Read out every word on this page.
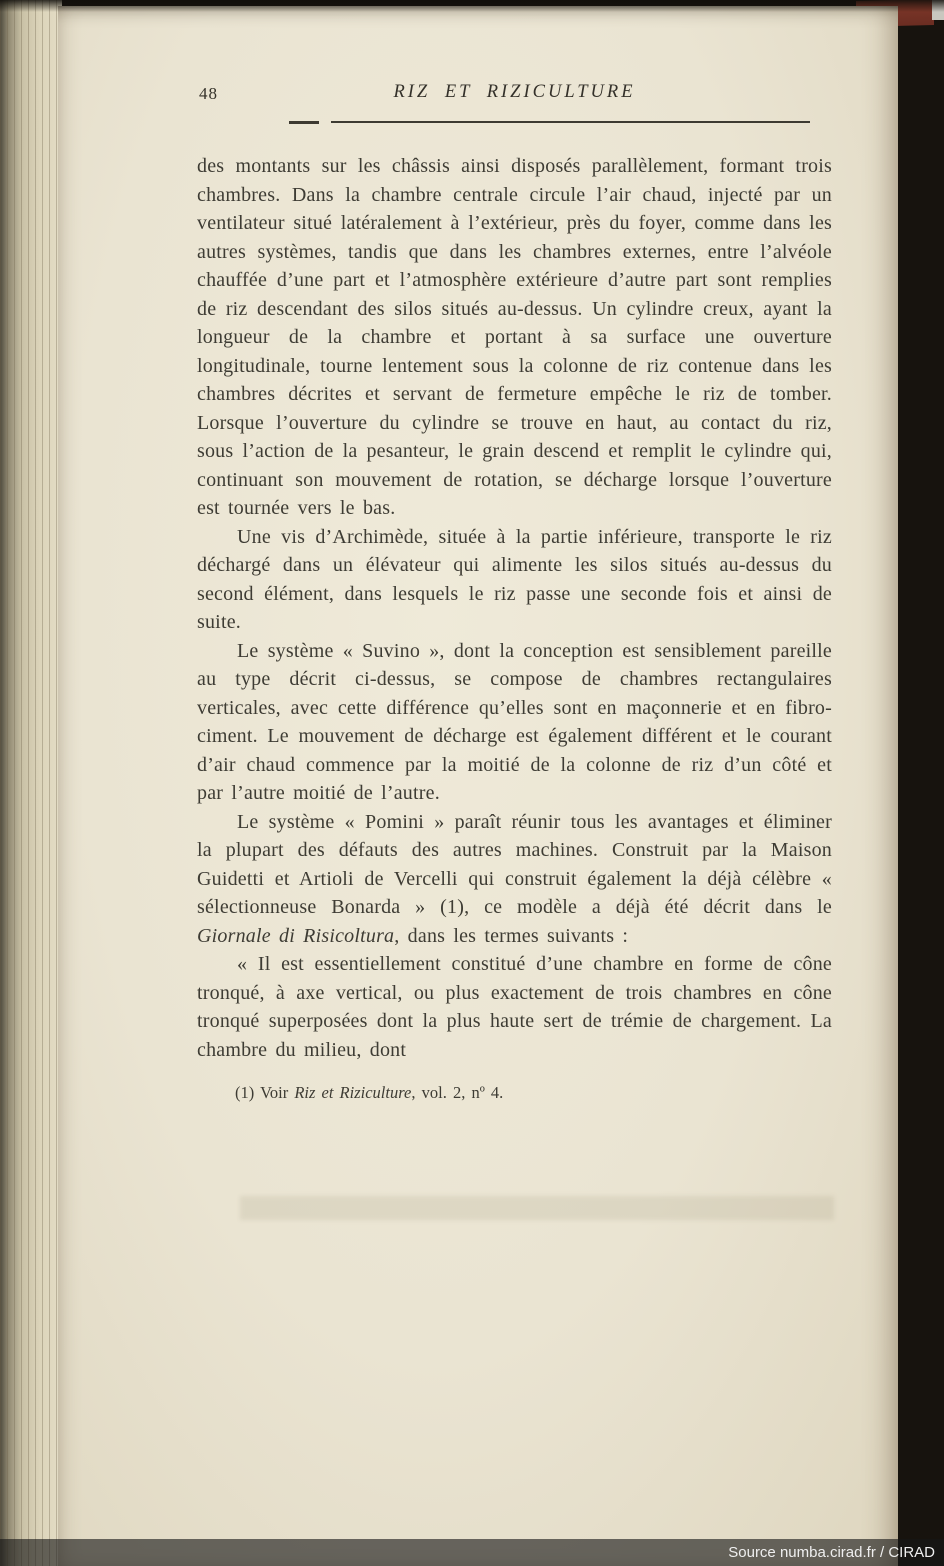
48	RIZ ET RIZICULTURE

des montants sur les châssis ainsi disposés parallèlement, formant trois chambres. Dans la chambre centrale circule l’air chaud, injecté par un ventilateur situé latéralement à l’extérieur, près du foyer, comme dans les autres systèmes, tandis que dans les chambres externes, entre l’alvéole chauffée d’une part et l’atmosphère extérieure d’autre part sont remplies de riz descendant des silos situés au-dessus. Un cylindre creux, ayant la longueur de la chambre et portant à sa surface une ouverture longitudinale, tourne lentement sous la colonne de riz contenue dans les chambres décrites et servant de fermeture empêche le riz de tomber. Lorsque l’ouverture du cylindre se trouve en haut, au contact du riz, sous l’action de la pesanteur, le grain descend et remplit le cylindre qui, continuant son mouvement de rotation, se décharge lorsque l’ouverture est tournée vers le bas.

Une vis d’Archimède, située à la partie inférieure, transporte le riz déchargé dans un élévateur qui alimente les silos situés au-dessus du second élément, dans lesquels le riz passe une seconde fois et ainsi de suite.

Le système « Suvino », dont la conception est sensiblement pareille au type décrit ci-dessus, se compose de chambres rectangulaires verticales, avec cette différence qu’elles sont en maçonnerie et en fibro-ciment. Le mouvement de décharge est également différent et le courant d’air chaud commence par la moitié de la colonne de riz d’un côté et par l’autre moitié de l’autre.

Le système « Pomini » paraît réunir tous les avantages et éliminer la plupart des défauts des autres machines. Construit par la Maison Guidetti et Artioli de Vercelli qui construit également la déjà célèbre « sélectionneuse Bonarda » (1), ce modèle a déjà été décrit dans le Giornale di Risicoltura, dans les termes suivants :

« Il est essentiellement constitué d’une chambre en forme de cône tronqué, à axe vertical, ou plus exactement de trois chambres en cône tronqué superposées dont la plus haute sert de trémie de chargement. La chambre du milieu, dont

(1) Voir Riz et Riziculture, vol. 2, nº 4.
Source numba.cirad.fr / CIRAD
